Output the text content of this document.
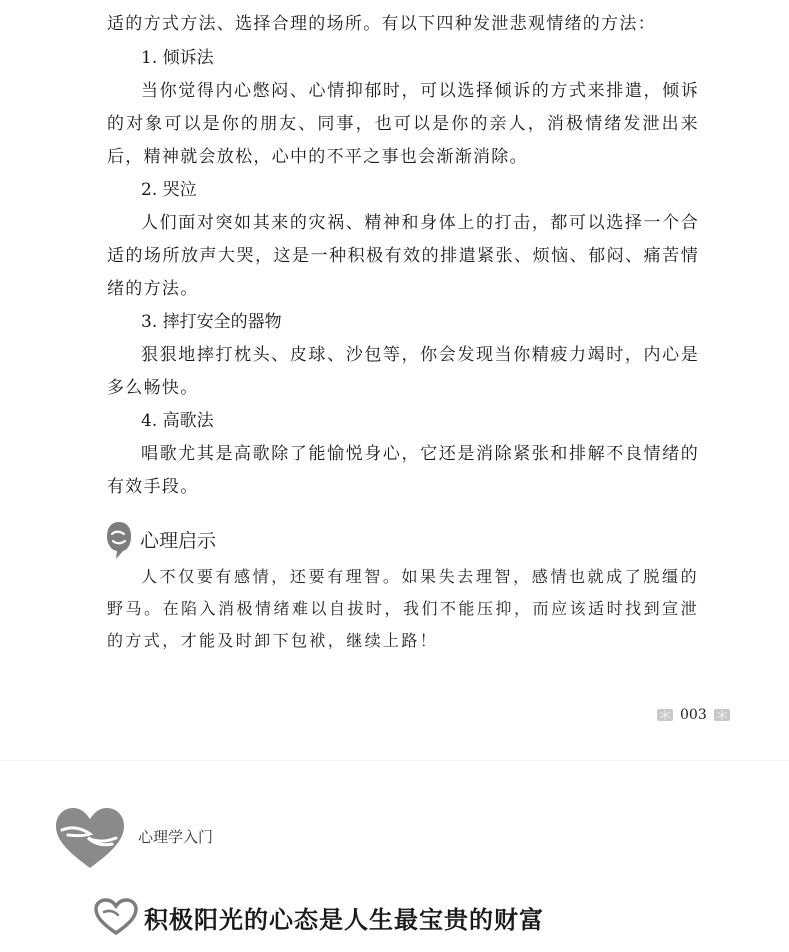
适的方式方法、选择合理的场所。有以下四种发泄悲观情绪的方法：

1. 倾诉法

当你觉得内心憋闷、心情抑郁时，可以选择倾诉的方式来排遣，倾诉的对象可以是你的朋友、同事，也可以是你的亲人，消极情绪发泄出来后，精神就会放松，心中的不平之事也会渐渐消除。

2. 哭泣

人们面对突如其来的灾祸、精神和身体上的打击，都可以选择一个合适的场所放声大哭，这是一种积极有效的排遣紧张、烦恼、郁闷、痛苦情绪的方法。

3. 摔打安全的器物

狠狠地摔打枕头、皮球、沙包等，你会发现当你精疲力竭时，内心是多么畅快。

4. 高歌法

唱歌尤其是高歌除了能愉悦身心，它还是消除紧张和排解不良情绪的有效手段。

心理启示

人不仅要有感情，还要有理智。如果失去理智，感情也就成了脱缰的野马。在陷入消极情绪难以自拔时，我们不能压抑，而应该适时找到宣泄的方式，才能及时卸下包袱，继续上路！

003

心理学入门

积极阳光的心态是人生最宝贵的财富
